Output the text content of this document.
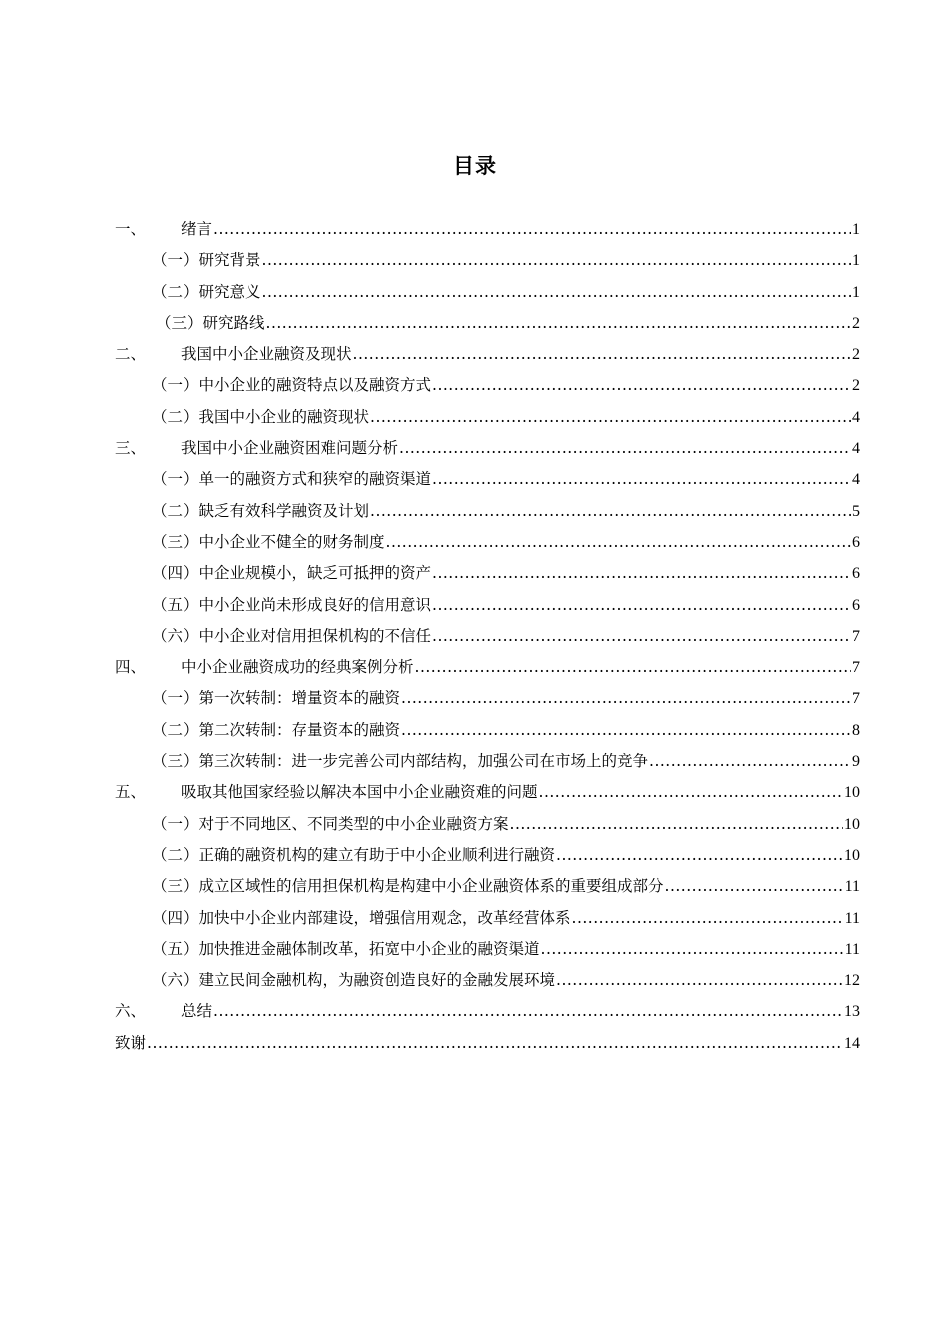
目录
一、	绪言 .....	1
（一）研究背景 .....	1
（二）研究意义 .....	1
（三）研究路线 .....	2
二、	我国中小企业融资及现状 .....	2
（一）中小企业的融资特点以及融资方式 .....	2
（二）我国中小企业的融资现状 .....	4
三、	我国中小企业融资困难问题分析 .....	4
（一）单一的融资方式和狭窄的融资渠道 .....	4
（二）缺乏有效科学融资及计划 .....	5
（三）中小企业不健全的财务制度 .....	6
（四）中企业规模小，缺乏可抵押的资产 .....	6
（五）中小企业尚未形成良好的信用意识 .....	6
（六）中小企业对信用担保机构的不信任 .....	7
四、	中小企业融资成功的经典案例分析 .....	7
（一）第一次转制：增量资本的融资 .....	7
（二）第二次转制：存量资本的融资 .....	8
（三）第三次转制：进一步完善公司内部结构，加强公司在市场上的竞争 .....	9
五、	吸取其他国家经验以解决本国中小企业融资难的问题 .....	10
（一）对于不同地区、不同类型的中小企业融资方案 .....	10
（二）正确的融资机构的建立有助于中小企业顺利进行融资 .....	10
（三）成立区域性的信用担保机构是构建中小企业融资体系的重要组成部分 .....	11
（四）加快中小企业内部建设，增强信用观念，改革经营体系 .....	11
（五）加快推进金融体制改革，拓宽中小企业的融资渠道 .....	11
（六）建立民间金融机构，为融资创造良好的金融发展环境 .....	12
六、	总结 .....	13
致谢 .....	14
